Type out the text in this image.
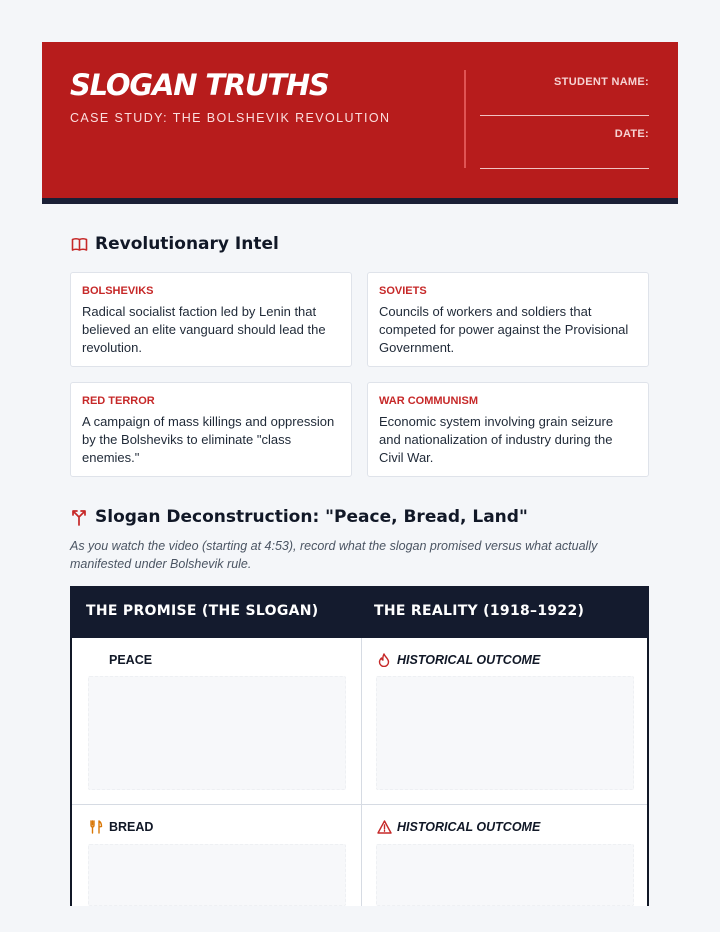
SLOGAN TRUTHS
CASE STUDY: THE BOLSHEVIK REVOLUTION
STUDENT NAME:
DATE:
Revolutionary Intel
BOLSHEVIKS
Radical socialist faction led by Lenin that believed an elite vanguard should lead the revolution.
SOVIETS
Councils of workers and soldiers that competed for power against the Provisional Government.
RED TERROR
A campaign of mass killings and oppression by the Bolsheviks to eliminate "class enemies."
WAR COMMUNISM
Economic system involving grain seizure and nationalization of industry during the Civil War.
Slogan Deconstruction: "Peace, Bread, Land"
As you watch the video (starting at 4:53), record what the slogan promised versus what actually manifested under Bolshevik rule.
THE PROMISE (THE SLOGAN)	THE REALITY (1918–1922)
PEACE	HISTORICAL OUTCOME
BREAD	HISTORICAL OUTCOME
